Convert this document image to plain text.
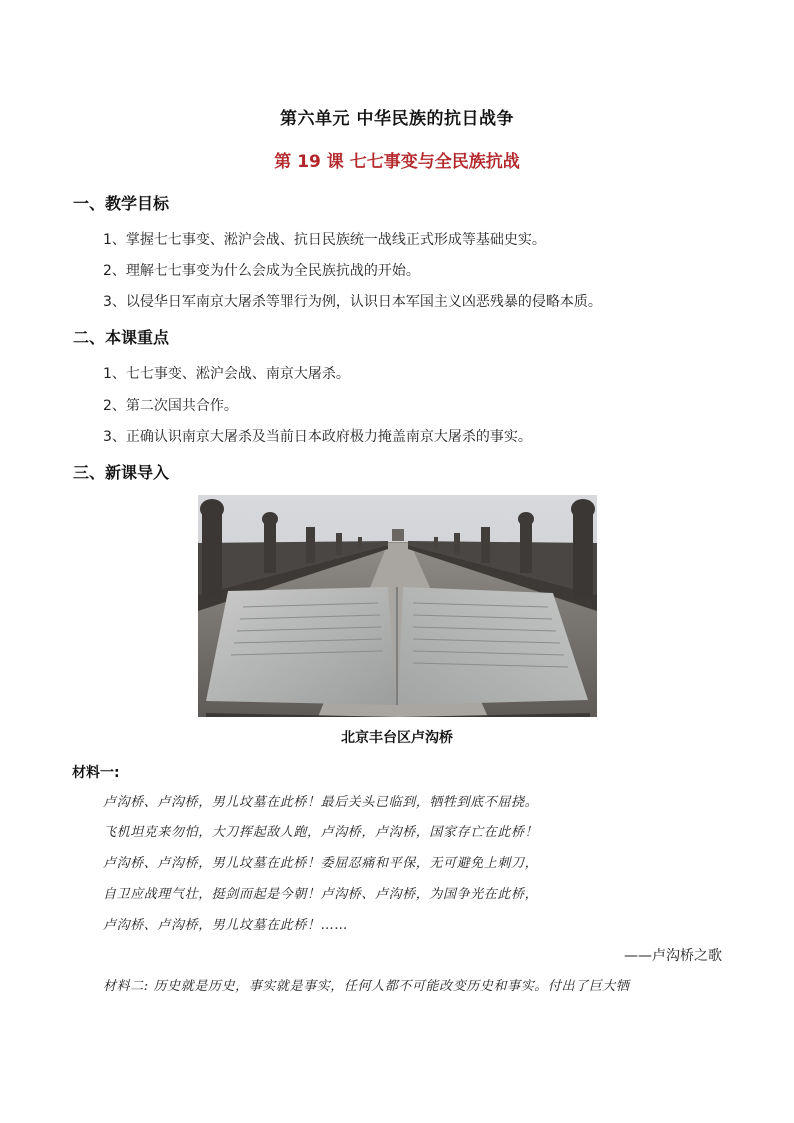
第六单元 中华民族的抗日战争
第 19 课 七七事变与全民族抗战
一、教学目标
1、掌握七七事变、淞沪会战、抗日民族统一战线正式形成等基础史实。
2、理解七七事变为什么会成为全民族抗战的开始。
3、以侵华日军南京大屠杀等罪行为例，认识日本军国主义凶恶残暴的侵略本质。
二、本课重点
1、七七事变、淞沪会战、南京大屠杀。
2、第二次国共合作。
3、正确认识南京大屠杀及当前日本政府极力掩盖南京大屠杀的事实。
三、新课导入
北京丰台区卢沟桥
材料一:
卢沟桥、卢沟桥，男儿坟墓在此桥！最后关头已临到，牺牲到底不屈挠。
飞机坦克来勿怕，大刀挥起敌人跑，卢沟桥，卢沟桥，国家存亡在此桥！
卢沟桥、卢沟桥，男儿坟墓在此桥！委屈忍痛和平保，无可避免上刺刀，
自卫应战理气壮，挺剑而起是今朝！卢沟桥、卢沟桥，为国争光在此桥，
卢沟桥、卢沟桥，男儿坟墓在此桥！……
——卢沟桥之歌
材料二: 历史就是历史，事实就是事实，任何人都不可能改变历史和事实。付出了巨大牺
